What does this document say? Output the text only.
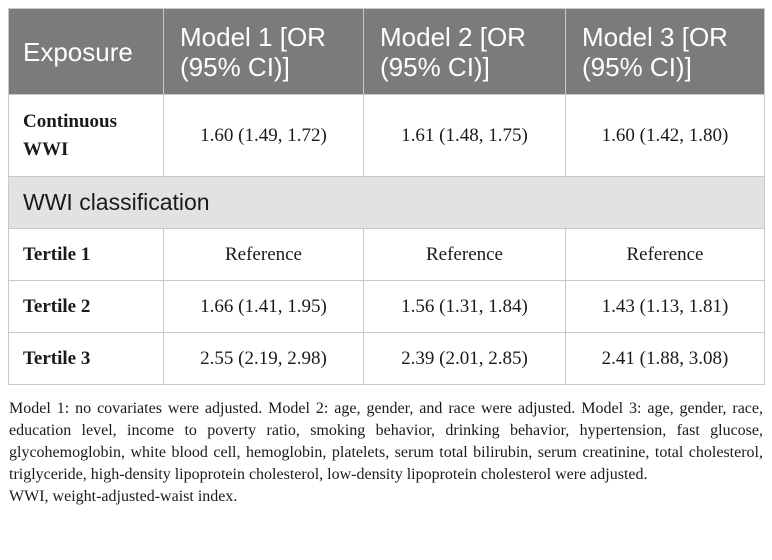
Exposure	Model 1 [OR (95% CI)]	Model 2 [OR (95% CI)]	Model 3 [OR (95% CI)]
Continuous WWI	1.60 (1.49, 1.72)	1.61 (1.48, 1.75)	1.60 (1.42, 1.80)
WWI classification			
Tertile 1	Reference	Reference	Reference
Tertile 2	1.66 (1.41, 1.95)	1.56 (1.31, 1.84)	1.43 (1.13, 1.81)
Tertile 3	2.55 (2.19, 2.98)	2.39 (2.01, 2.85)	2.41 (1.88, 3.08)

Model 1: no covariates were adjusted. Model 2: age, gender, and race were adjusted. Model 3: age, gender, race, education level, income to poverty ratio, smoking behavior, drinking behavior, hypertension, fast glucose, glycohemoglobin, white blood cell, hemoglobin, platelets, serum total bilirubin, serum creatinine, total cholesterol, triglyceride, high-density lipoprotein cholesterol, low-density lipoprotein cholesterol were adjusted.

WWI, weight-adjusted-waist index.
